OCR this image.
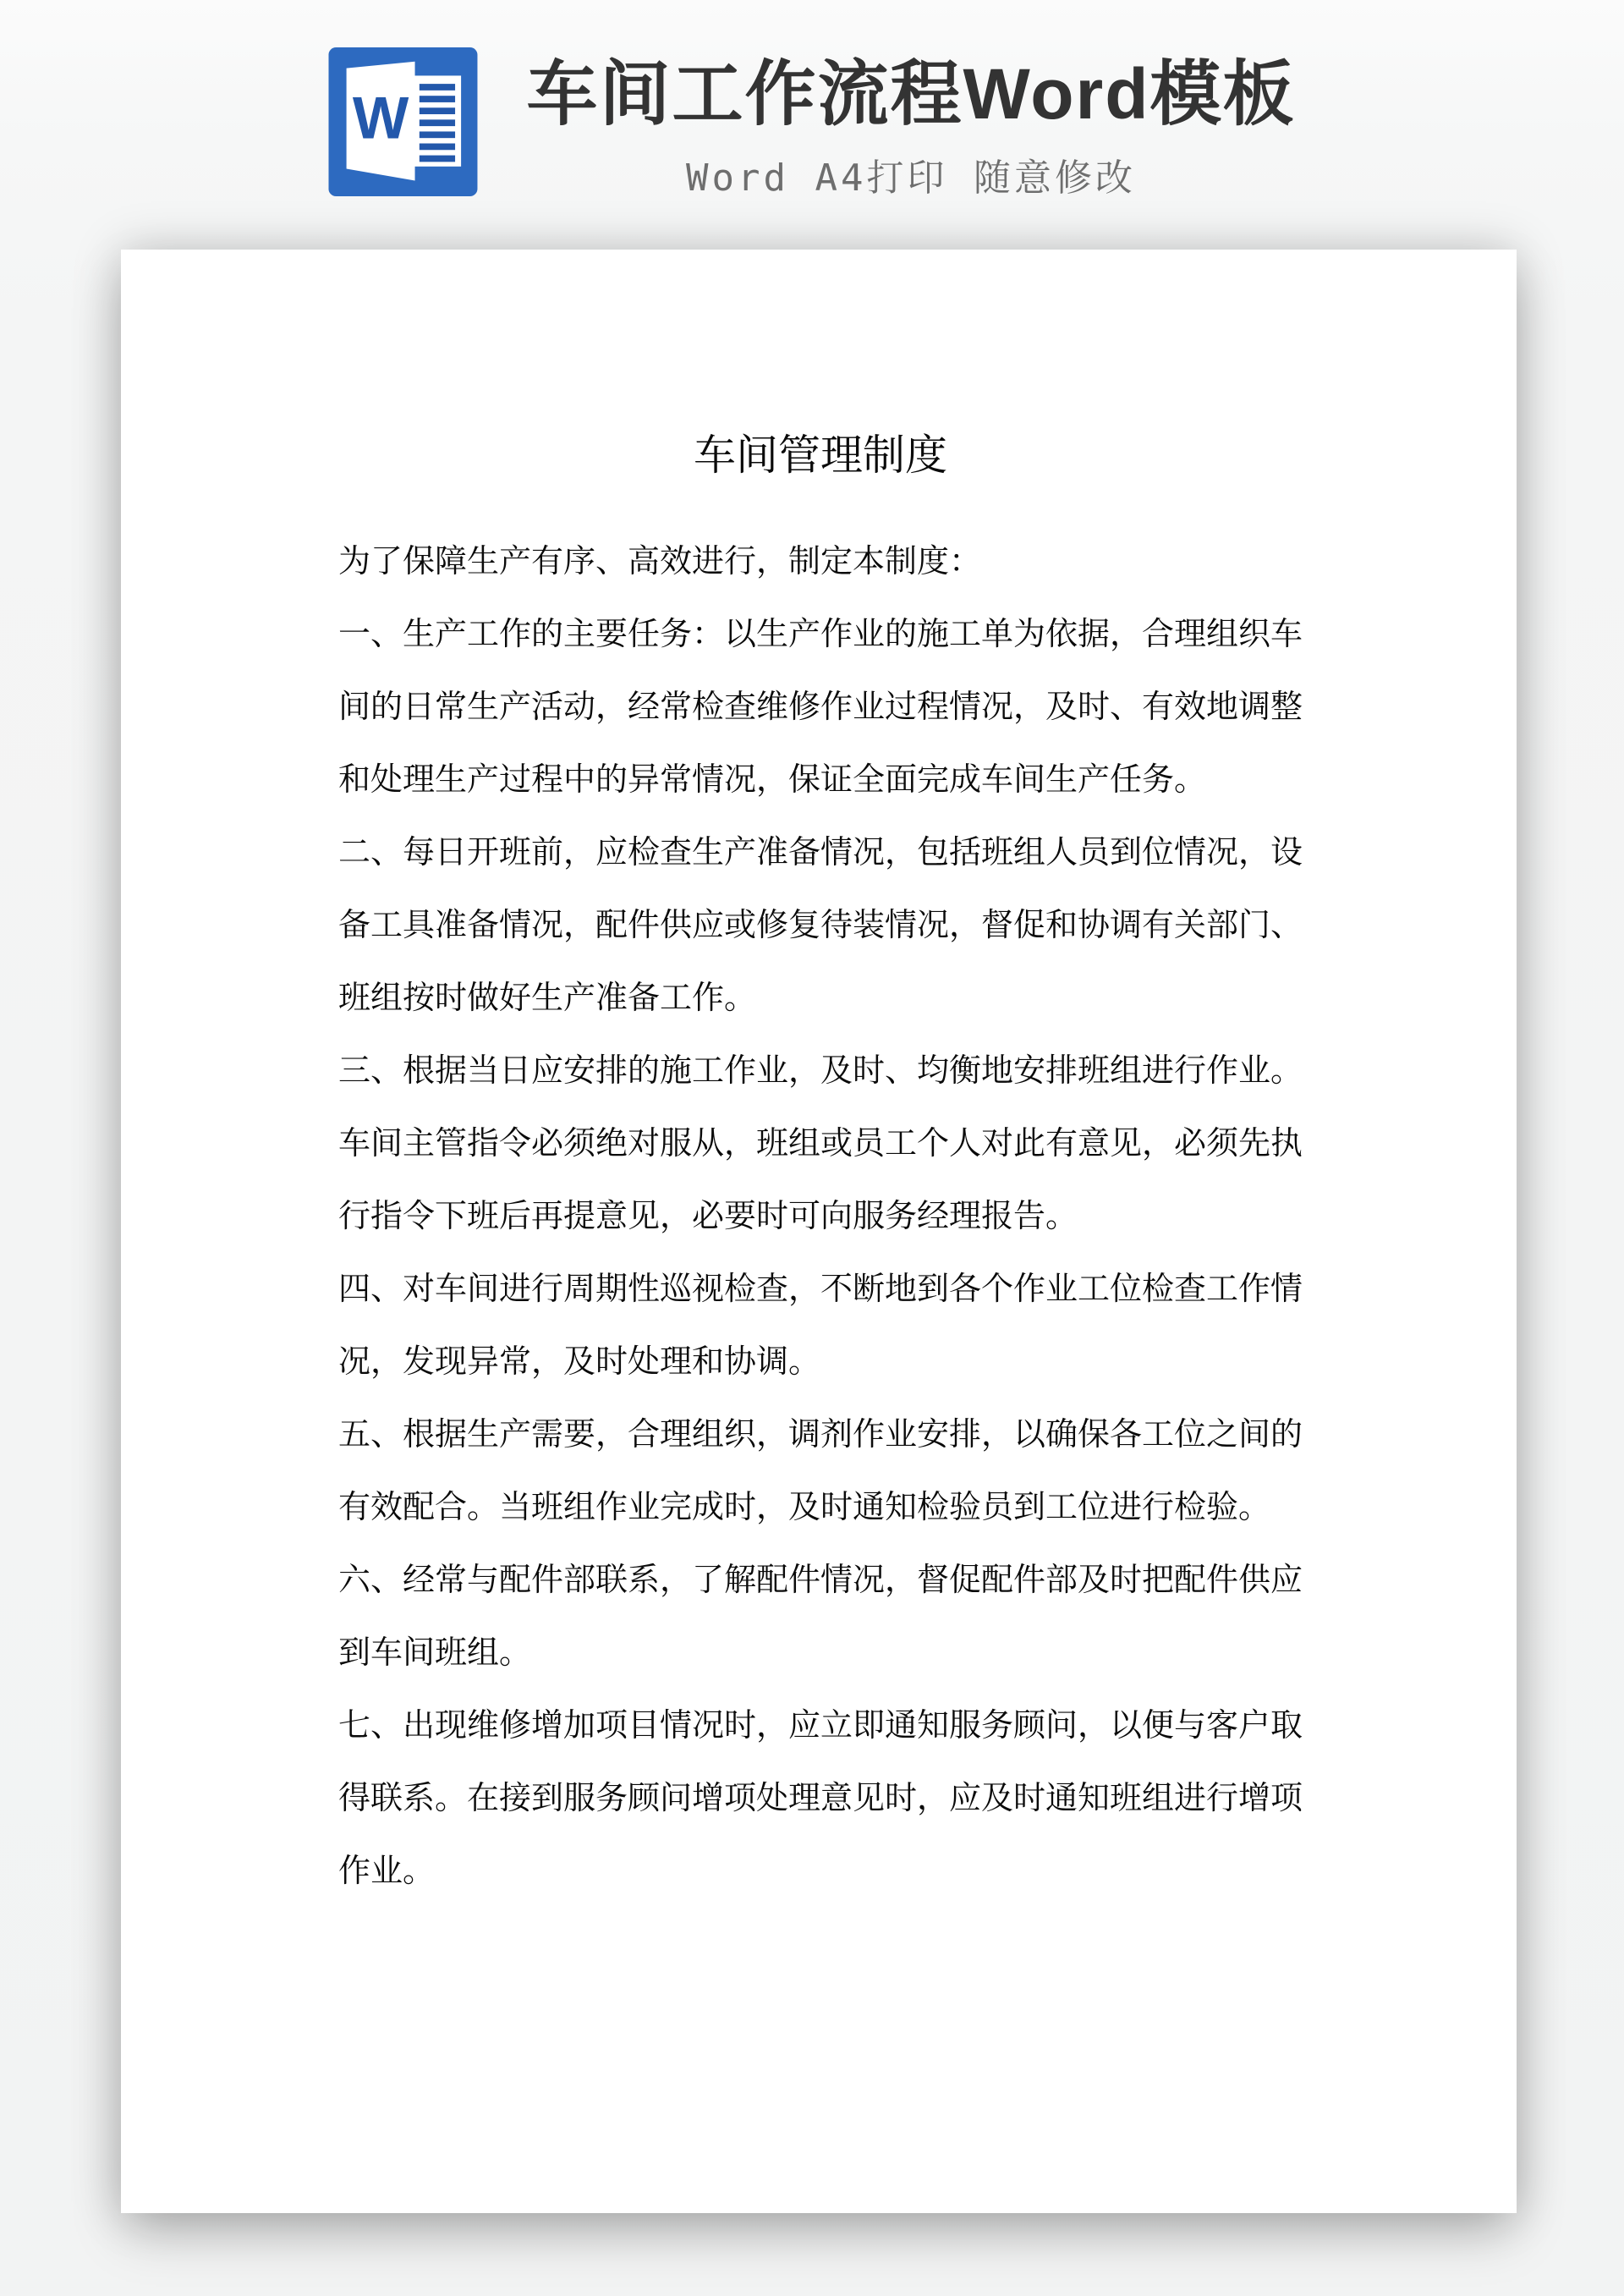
W 车间工作流程Word模板
Word A4打印 随意修改
车间管理制度

为了保障生产有序、高效进行，制定本制度：

一、生产工作的主要任务：以生产作业的施工单为依据，合理组织车间的日常生产活动，经常检查维修作业过程情况，及时、有效地调整和处理生产过程中的异常情况，保证全面完成车间生产任务。

二、每日开班前，应检查生产准备情况，包括班组人员到位情况，设备工具准备情况，配件供应或修复待装情况，督促和协调有关部门、班组按时做好生产准备工作。

三、根据当日应安排的施工作业，及时、均衡地安排班组进行作业。车间主管指令必须绝对服从，班组或员工个人对此有意见，必须先执行指令下班后再提意见，必要时可向服务经理报告。

四、对车间进行周期性巡视检查，不断地到各个作业工位检查工作情况，发现异常，及时处理和协调。

五、根据生产需要，合理组织，调剂作业安排，以确保各工位之间的有效配合。当班组作业完成时，及时通知检验员到工位进行检验。

六、经常与配件部联系，了解配件情况，督促配件部及时把配件供应到车间班组。

七、出现维修增加项目情况时，应立即通知服务顾问，以便与客户取得联系。在接到服务顾问增项处理意见时，应及时通知班组进行增项作业。
